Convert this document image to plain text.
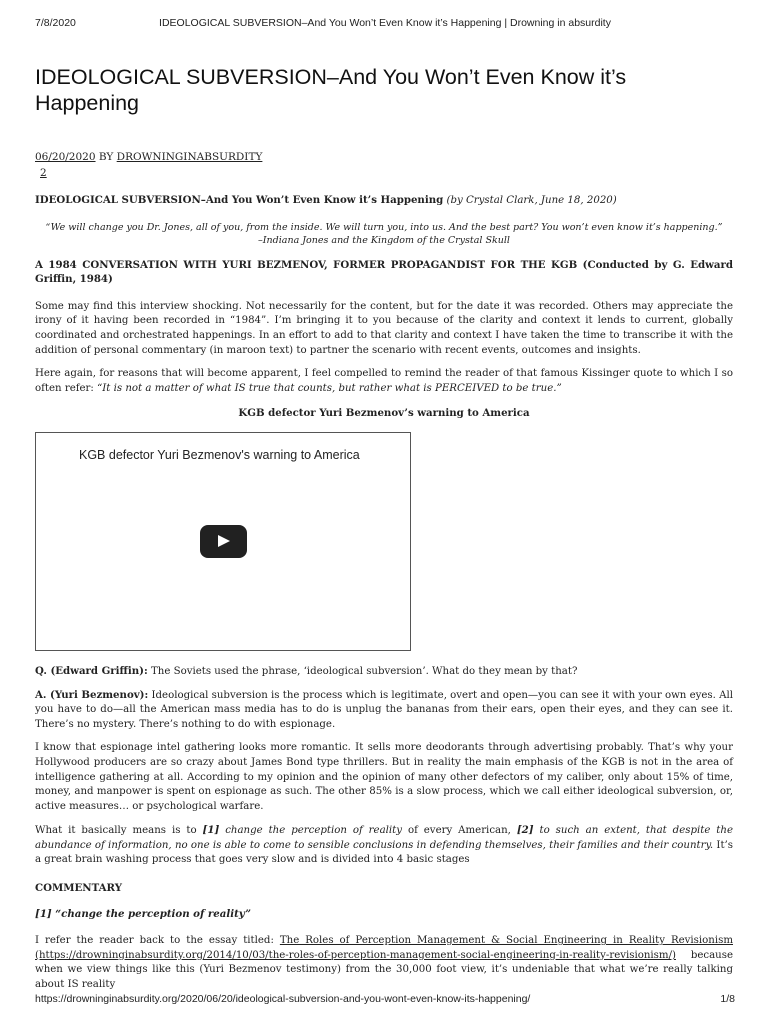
7/8/2020	IDEOLOGICAL SUBVERSION–And You Won’t Even Know it’s Happening | Drowning in absurdity
IDEOLOGICAL SUBVERSION–And You Won’t Even Know it’s Happening
06/20/2020 BY DROWNINGINABSURDITY
2

IDEOLOGICAL SUBVERSION–And You Won’t Even Know it’s Happening (by Crystal Clark, June 18, 2020)

“We will change you Dr. Jones, all of you, from the inside. We will turn you, into us. And the best part? You won’t even know it’s happening.” –Indiana Jones and the Kingdom of the Crystal Skull

A 1984 CONVERSATION WITH YURI BEZMENOV, FORMER PROPAGANDIST FOR THE KGB (Conducted by G. Edward Griffin, 1984)

Some may find this interview shocking. Not necessarily for the content, but for the date it was recorded. Others may appreciate the irony of it having been recorded in “1984”. I’m bringing it to you because of the clarity and context it lends to current, globally coordinated and orchestrated happenings. In an effort to add to that clarity and context I have taken the time to transcribe it with the addition of personal commentary (in maroon text) to partner the scenario with recent events, outcomes and insights.

Here again, for reasons that will become apparent, I feel compelled to remind the reader of that famous Kissinger quote to which I so often refer: “It is not a matter of what IS true that counts, but rather what is PERCEIVED to be true.”

KGB defector Yuri Bezmenov’s warning to America

KGB defector Yuri Bezmenov's warning to America

Q. (Edward Griffin): The Soviets used the phrase, ‘ideological subversion’. What do they mean by that?

A. (Yuri Bezmenov): Ideological subversion is the process which is legitimate, overt and open—you can see it with your own eyes. All you have to do—all the American mass media has to do is unplug the bananas from their ears, open their eyes, and they can see it. There’s no mystery. There’s nothing to do with espionage.

I know that espionage intel gathering looks more romantic. It sells more deodorants through advertising probably. That’s why your Hollywood producers are so crazy about James Bond type thrillers. But in reality the main emphasis of the KGB is not in the area of intelligence gathering at all. According to my opinion and the opinion of many other defectors of my caliber, only about 15% of time, money, and manpower is spent on espionage as such. The other 85% is a slow process, which we call either ideological subversion, or, active measures… or psychological warfare.

What it basically means is to [1] change the perception of reality of every American, [2] to such an extent, that despite the abundance of information, no one is able to come to sensible conclusions in defending themselves, their families and their country. It’s a great brain washing process that goes very slow and is divided into 4 basic stages

COMMENTARY

[1] “change the perception of reality”

I refer the reader back to the essay titled: The Roles of Perception Management & Social Engineering in Reality Revisionism (https://drowninginabsurdity.org/2014/10/03/the-roles-of-perception-management-social-engineering-in-reality-revisionism/) because when we view things like this (Yuri Bezmenov testimony) from the 30,000 foot view, it’s undeniable that what we’re really talking about IS reality

https://drowninginabsurdity.org/2020/06/20/ideological-subversion-and-you-wont-even-know-its-happening/	1/8
